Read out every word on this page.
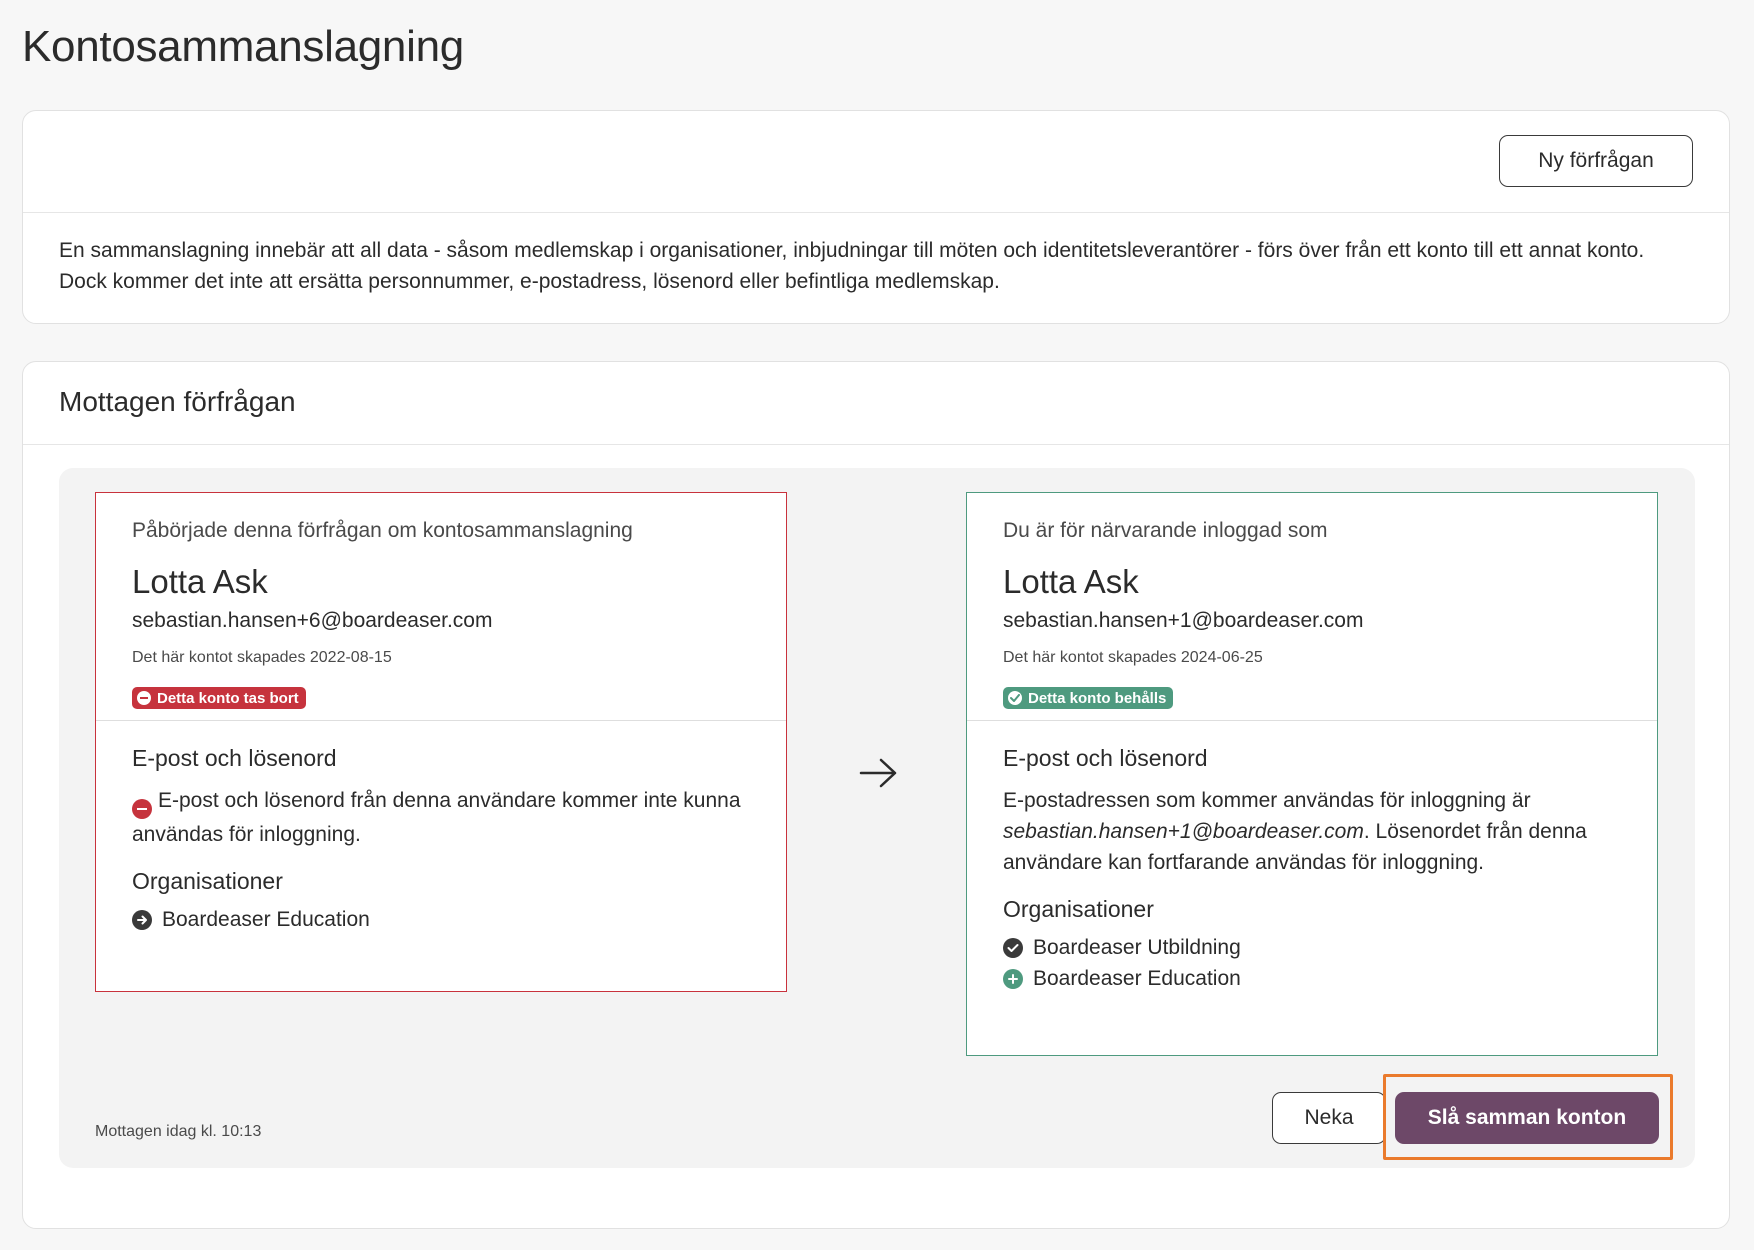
Kontosammanslagning
Ny förfrågan

En sammanslagning innebär att all data - såsom medlemskap i organisationer, inbjudningar till möten och identitetsleverantörer - förs över från ett konto till ett annat konto. Dock kommer det inte att ersätta personnummer, e-postadress, lösenord eller befintliga medlemskap.

Mottagen förfrågan

Påbörjade denna förfrågan om kontosammanslagning

Lotta Ask

sebastian.hansen+6@boardeaser.com

Det här kontot skapades 2022-08-15

Detta konto tas bort

E-post och lösenord

E-post och lösenord från denna användare kommer inte kunna användas för inloggning.

Organisationer

Boardeaser Education

Du är för närvarande inloggad som

Lotta Ask

sebastian.hansen+1@boardeaser.com

Det här kontot skapades 2024-06-25

Detta konto behålls

E-post och lösenord

E-postadressen som kommer användas för inloggning är sebastian.hansen+1@boardeaser.com. Lösenordet från denna användare kan fortfarande användas för inloggning.

Organisationer

Boardeaser Utbildning
Boardeaser Education

Mottagen idag kl. 10:13

Neka	Slå samman konton
